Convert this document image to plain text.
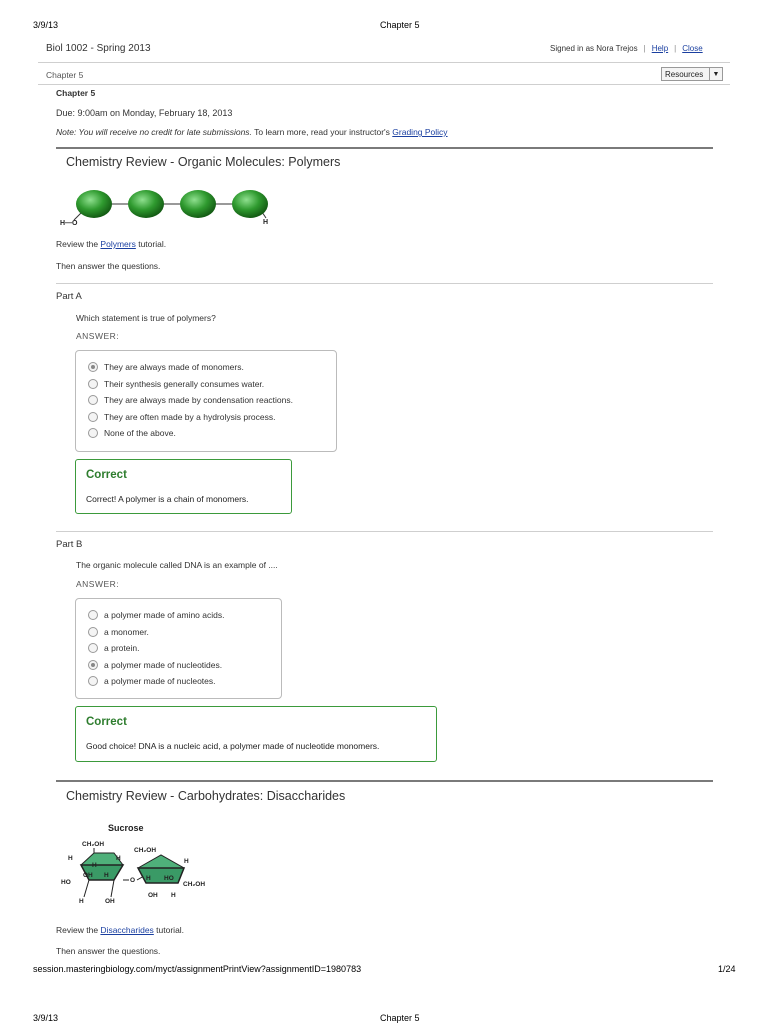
3/9/13	Chapter 5
Biol 1002 - Spring 2013	Signed in as Nora Trejos | Help | Close
Chapter 5	Resources	▼
Chapter 5
Due: 9:00am on Monday, February 18, 2013
Note: You will receive no credit for late submissions. To learn more, read your instructor's Grading Policy
Chemistry Review - Organic Molecules: Polymers
H—O	H
Review the Polymers tutorial.
Then answer the questions.
Part A
Which statement is true of polymers?
ANSWER:
They are always made of monomers.
Their synthesis generally consumes water.
They are always made by condensation reactions.
They are often made by a hydrolysis process.
None of the above.
Correct
Correct! A polymer is a chain of monomers.
Part B
The organic molecule called DNA is an example of ....
ANSWER:
a polymer made of amino acids.
a monomer.
a protein.
a polymer made of nucleotides.
a polymer made of nucleotes.
Correct
Good choice! DNA is a nucleic acid, a polymer made of nucleotide monomers.
Chemistry Review - Carbohydrates: Disaccharides
Sucrose
CH₂OH
H
H
OH H
H
HO
H	OH
O
CH₂OH
H
H HO
CH₂OH
OH H
Review the Disaccharides tutorial.
Then answer the questions.
session.masteringbiology.com/myct/assignmentPrintView?assignmentID=1980783	1/24
3/9/13	Chapter 5
